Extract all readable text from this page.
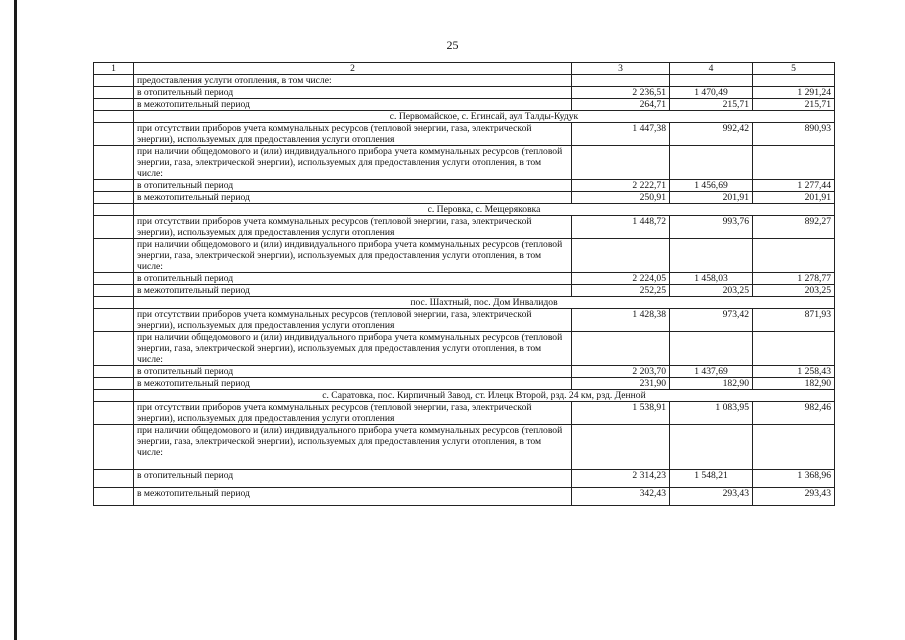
25
1	2	3	4	5
	предоставления услуги отопления, в том числе:			
	в отопительный период	2 236,51	1 470,49	1 291,24
	в межотопительный период	264,71	215,71	215,71
	с. Первомайское, с. Егинсай, аул Талды-Кудук			
	при отсутствии приборов учета коммунальных ресурсов (тепловой энергии, газа, электрической энергии), используемых для предоставления услуги отопления	1 447,38	992,42	890,93
	при наличии общедомового и (или) индивидуального прибора учета коммунальных ресурсов (тепловой энергии, газа, электрической энергии), используемых для предоставления услуги отопления, в том числе:			
	в отопительный период	2 222,71	1 456,69	1 277,44
	в межотопительный период	250,91	201,91	201,91
	с. Перовка, с. Мещеряковка			
	при отсутствии приборов учета коммунальных ресурсов (тепловой энергии, газа, электрической энергии), используемых для предоставления услуги отопления	1 448,72	993,76	892,27
	при наличии общедомового и (или) индивидуального прибора учета коммунальных ресурсов (тепловой энергии, газа, электрической энергии), используемых для предоставления услуги отопления, в том числе:			
	в отопительный период	2 224,05	1 458,03	1 278,77
	в межотопительный период	252,25	203,25	203,25
	пос. Шахтный, пос. Дом Инвалидов			
	при отсутствии приборов учета коммунальных ресурсов (тепловой энергии, газа, электрической энергии), используемых для предоставления услуги отопления	1 428,38	973,42	871,93
	при наличии общедомового и (или) индивидуального прибора учета коммунальных ресурсов (тепловой энергии, газа, электрической энергии), используемых для предоставления услуги отопления, в том числе:			
	в отопительный период	2 203,70	1 437,69	1 258,43
	в межотопительный период	231,90	182,90	182,90
	с. Саратовка, пос. Кирпичный Завод, ст. Илецк Второй, рзд. 24 км, рзд. Денной			
	при отсутствии приборов учета коммунальных ресурсов (тепловой энергии, газа, электрической энергии), используемых для предоставления услуги отопления	1 538,91	1 083,95	982,46
	при наличии общедомового и (или) индивидуального прибора учета коммунальных ресурсов (тепловой энергии, газа, электрической энергии), используемых для предоставления услуги отопления, в том числе:			
	в отопительный период	2 314,23	1 548,21	1 368,96
	в межотопительный период	342,43	293,43	293,43
